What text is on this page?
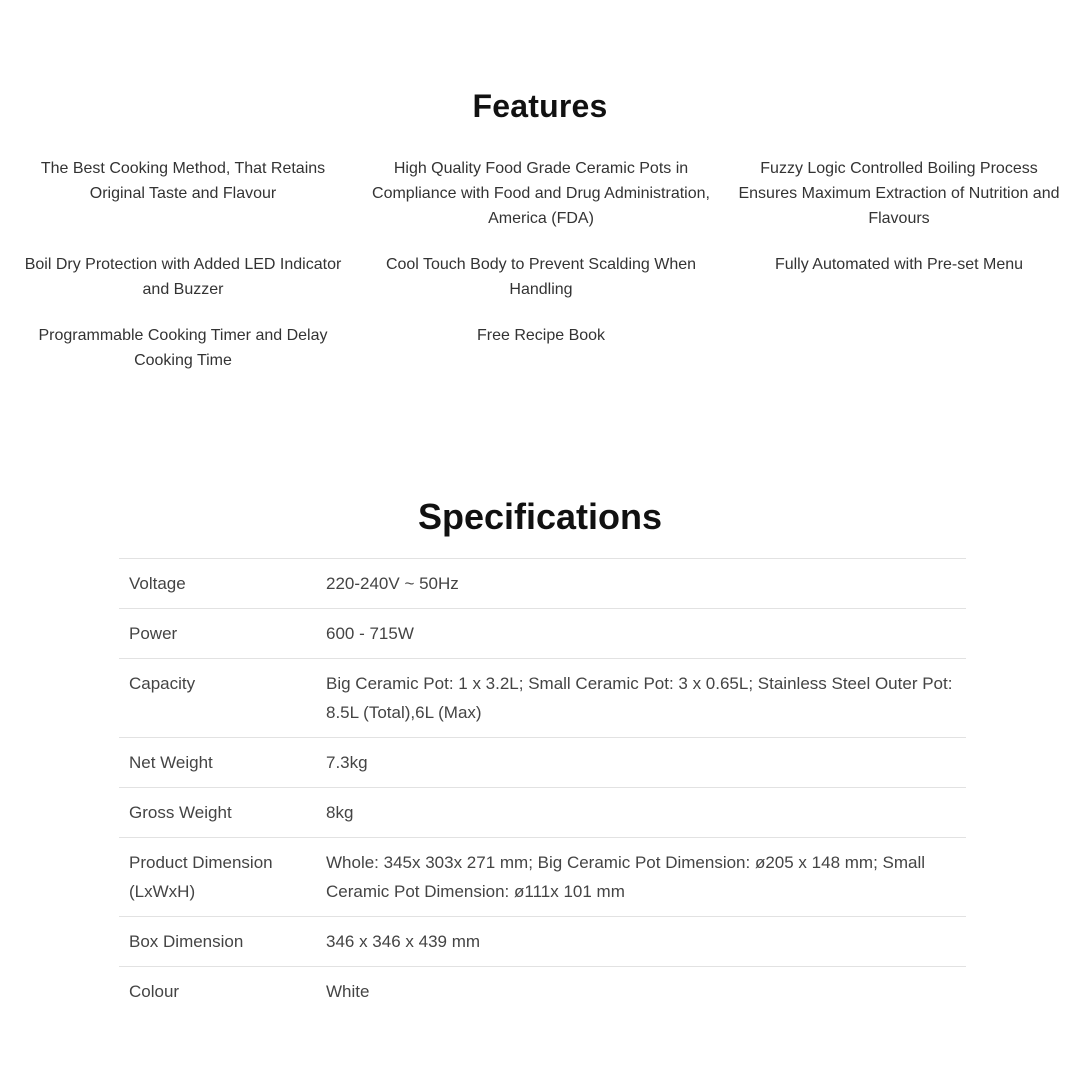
Features

The Best Cooking Method, That Retains Original Taste and Flavour

High Quality Food Grade Ceramic Pots in Compliance with Food and Drug Administration, America (FDA)

Fuzzy Logic Controlled Boiling Process Ensures Maximum Extraction of Nutrition and Flavours

Boil Dry Protection with Added LED Indicator and Buzzer

Cool Touch Body to Prevent Scalding When Handling

Fully Automated with Pre-set Menu

Programmable Cooking Timer and Delay Cooking Time

Free Recipe Book

Specifications
Voltage	220-240V ~ 50Hz
Power	600 - 715W
Capacity	Big Ceramic Pot: 1 x 3.2L; Small Ceramic Pot: 3 x 0.65L; Stainless Steel Outer Pot: 8.5L (Total),6L (Max)
Net Weight	7.3kg
Gross Weight	8kg
Product Dimension (LxWxH)	Whole: 345x 303x 271 mm; Big Ceramic Pot Dimension: ø205 x 148 mm; Small Ceramic Pot Dimension: ø111x 101 mm
Box Dimension	346 x 346 x 439 mm
Colour	White
